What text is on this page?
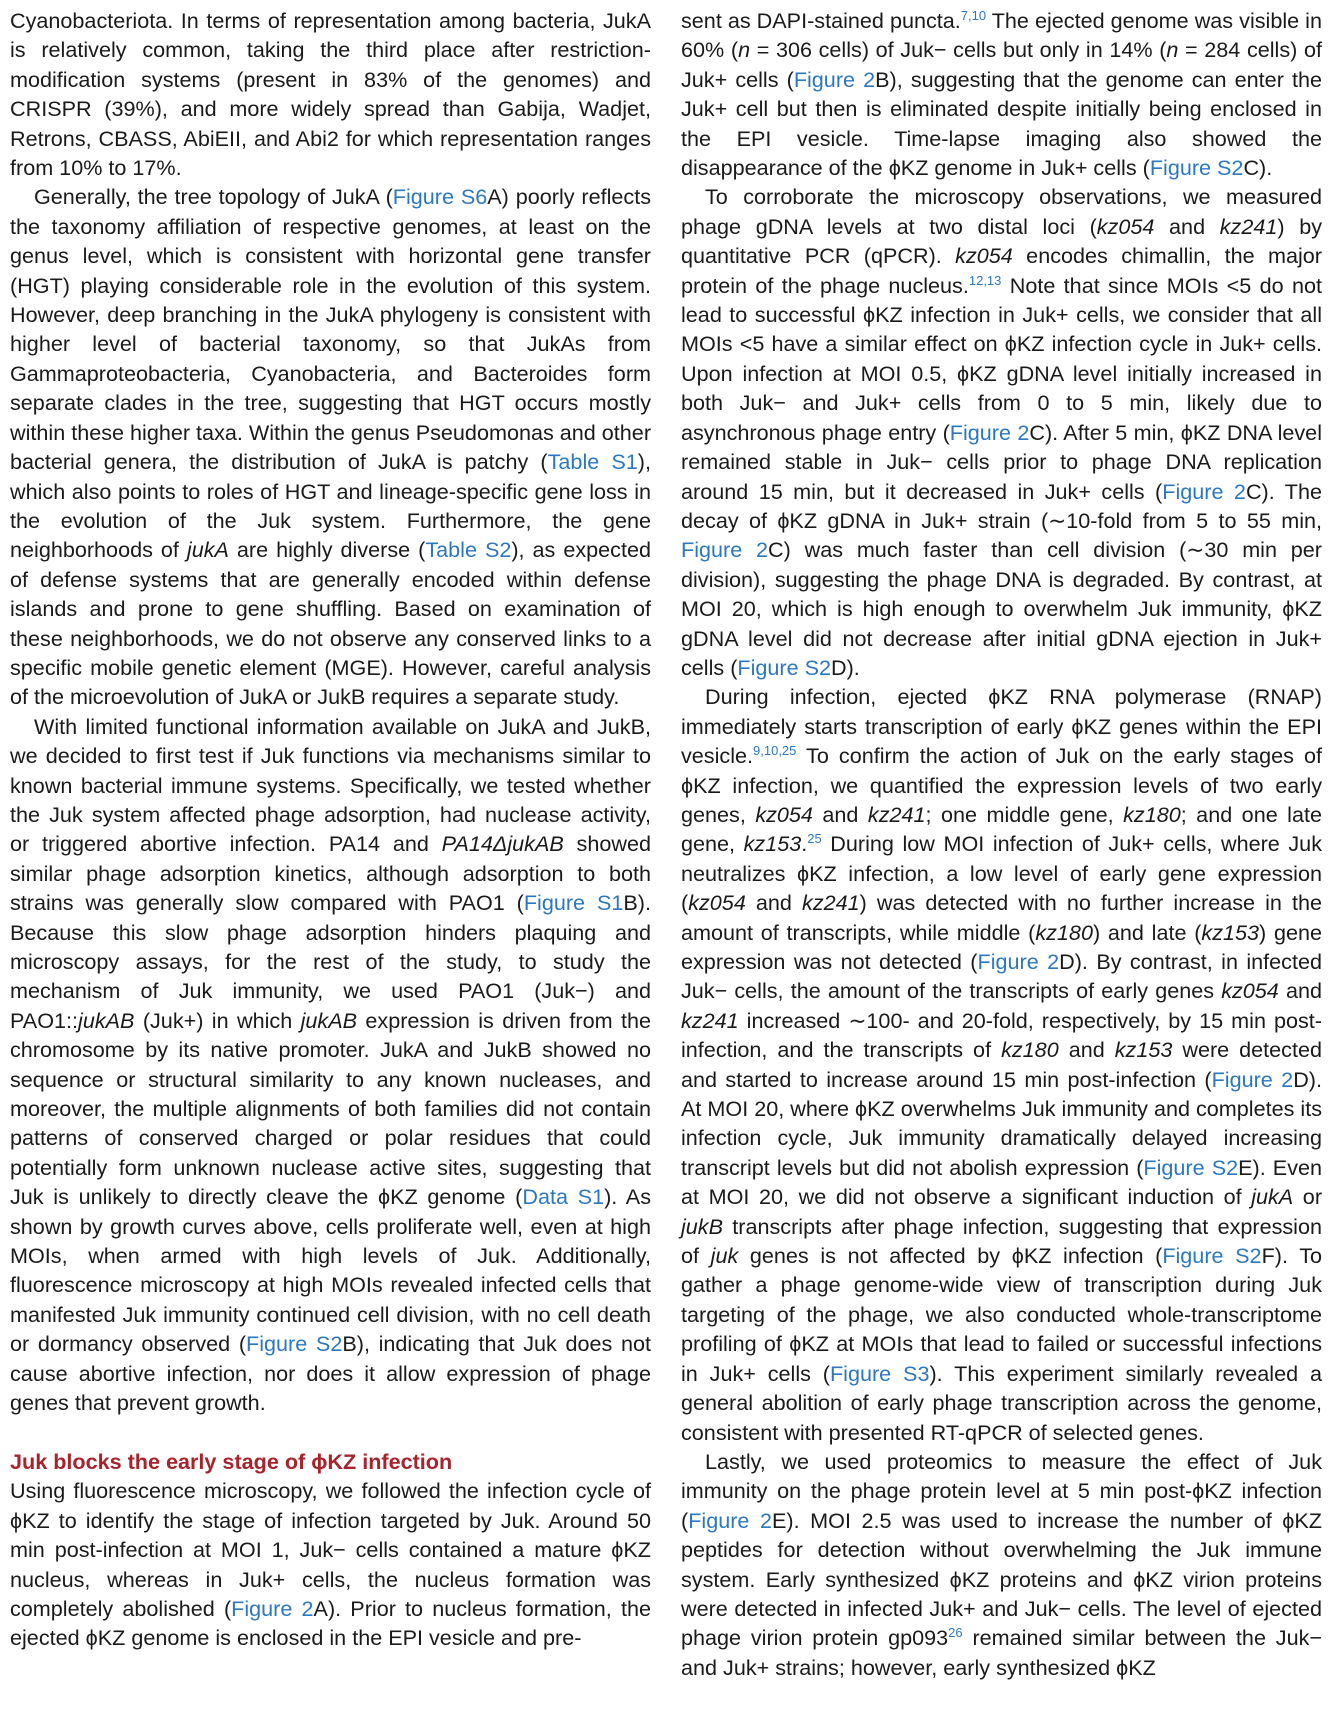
Cyanobacteriota. In terms of representation among bacteria, JukA is relatively common, taking the third place after restriction-modification systems (present in 83% of the genomes) and CRISPR (39%), and more widely spread than Gabija, Wadjet, Retrons, CBASS, AbiEII, and Abi2 for which representation ranges from 10% to 17%.

Generally, the tree topology of JukA (Figure S6A) poorly reflects the taxonomy affiliation of respective genomes, at least on the genus level, which is consistent with horizontal gene transfer (HGT) playing considerable role in the evolution of this system. However, deep branching in the JukA phylogeny is consistent with higher level of bacterial taxonomy, so that JukAs from Gammaproteobacteria, Cyanobacteria, and Bacteroides form separate clades in the tree, suggesting that HGT occurs mostly within these higher taxa. Within the genus Pseudomonas and other bacterial genera, the distribution of JukA is patchy (Table S1), which also points to roles of HGT and lineage-specific gene loss in the evolution of the Juk system. Furthermore, the gene neighborhoods of jukA are highly diverse (Table S2), as expected of defense systems that are generally encoded within defense islands and prone to gene shuffling. Based on examination of these neighborhoods, we do not observe any conserved links to a specific mobile genetic element (MGE). However, careful analysis of the microevolution of JukA or JukB requires a separate study.

With limited functional information available on JukA and JukB, we decided to first test if Juk functions via mechanisms similar to known bacterial immune systems. Specifically, we tested whether the Juk system affected phage adsorption, had nuclease activity, or triggered abortive infection. PA14 and PA14ΔjukAB showed similar phage adsorption kinetics, although adsorption to both strains was generally slow compared with PAO1 (Figure S1B). Because this slow phage adsorption hinders plaquing and microscopy assays, for the rest of the study, to study the mechanism of Juk immunity, we used PAO1 (Juk−) and PAO1::jukAB (Juk+) in which jukAB expression is driven from the chromosome by its native promoter. JukA and JukB showed no sequence or structural similarity to any known nucleases, and moreover, the multiple alignments of both families did not contain patterns of conserved charged or polar residues that could potentially form unknown nuclease active sites, suggesting that Juk is unlikely to directly cleave the ϕKZ genome (Data S1). As shown by growth curves above, cells proliferate well, even at high MOIs, when armed with high levels of Juk. Additionally, fluorescence microscopy at high MOIs revealed infected cells that manifested Juk immunity continued cell division, with no cell death or dormancy observed (Figure S2B), indicating that Juk does not cause abortive infection, nor does it allow expression of phage genes that prevent growth.

Juk blocks the early stage of ϕKZ infection

Using fluorescence microscopy, we followed the infection cycle of ϕKZ to identify the stage of infection targeted by Juk. Around 50 min post-infection at MOI 1, Juk− cells contained a mature ϕKZ nucleus, whereas in Juk+ cells, the nucleus formation was completely abolished (Figure 2A). Prior to nucleus formation, the ejected ϕKZ genome is enclosed in the EPI vesicle and pre-

sent as DAPI-stained puncta.$^{7,10}$ The ejected genome was visible in 60% (n = 306 cells) of Juk− cells but only in 14% (n = 284 cells) of Juk+ cells (Figure 2B), suggesting that the genome can enter the Juk+ cell but then is eliminated despite initially being enclosed in the EPI vesicle. Time-lapse imaging also showed the disappearance of the ϕKZ genome in Juk+ cells (Figure S2C).

To corroborate the microscopy observations, we measured phage gDNA levels at two distal loci (kz054 and kz241) by quantitative PCR (qPCR). kz054 encodes chimallin, the major protein of the phage nucleus.$^{12,13}$ Note that since MOIs <5 do not lead to successful ϕKZ infection in Juk+ cells, we consider that all MOIs <5 have a similar effect on ϕKZ infection cycle in Juk+ cells. Upon infection at MOI 0.5, ϕKZ gDNA level initially increased in both Juk− and Juk+ cells from 0 to 5 min, likely due to asynchronous phage entry (Figure 2C). After 5 min, ϕKZ DNA level remained stable in Juk− cells prior to phage DNA replication around 15 min, but it decreased in Juk+ cells (Figure 2C). The decay of ϕKZ gDNA in Juk+ strain (∼10-fold from 5 to 55 min, Figure 2C) was much faster than cell division (∼30 min per division), suggesting the phage DNA is degraded. By contrast, at MOI 20, which is high enough to overwhelm Juk immunity, ϕKZ gDNA level did not decrease after initial gDNA ejection in Juk+ cells (Figure S2D).

During infection, ejected ϕKZ RNA polymerase (RNAP) immediately starts transcription of early ϕKZ genes within the EPI vesicle.$^{9,10,25}$ To confirm the action of Juk on the early stages of ϕKZ infection, we quantified the expression levels of two early genes, kz054 and kz241; one middle gene, kz180; and one late gene, kz153.25 During low MOI infection of Juk+ cells, where Juk neutralizes ϕKZ infection, a low level of early gene expression (kz054 and kz241) was detected with no further increase in the amount of transcripts, while middle (kz180) and late (kz153) gene expression was not detected (Figure 2D). By contrast, in infected Juk− cells, the amount of the transcripts of early genes kz054 and kz241 increased ∼100- and 20-fold, respectively, by 15 min post-infection, and the transcripts of kz180 and kz153 were detected and started to increase around 15 min post-infection (Figure 2D). At MOI 20, where ϕKZ overwhelms Juk immunity and completes its infection cycle, Juk immunity dramatically delayed increasing transcript levels but did not abolish expression (Figure S2E). Even at MOI 20, we did not observe a significant induction of jukA or jukB transcripts after phage infection, suggesting that expression of juk genes is not affected by ϕKZ infection (Figure S2F). To gather a phage genome-wide view of transcription during Juk targeting of the phage, we also conducted whole-transcriptome profiling of ϕKZ at MOIs that lead to failed or successful infections in Juk+ cells (Figure S3). This experiment similarly revealed a general abolition of early phage transcription across the genome, consistent with presented RT-qPCR of selected genes.

Lastly, we used proteomics to measure the effect of Juk immunity on the phage protein level at 5 min post-ϕKZ infection (Figure 2E). MOI 2.5 was used to increase the number of ϕKZ peptides for detection without overwhelming the Juk immune system. Early synthesized ϕKZ proteins and ϕKZ virion proteins were detected in infected Juk+ and Juk− cells. The level of ejected phage virion protein $gp093^{26}$ remained similar between the Juk− and Juk+ strains; however, early synthesized ϕKZ
